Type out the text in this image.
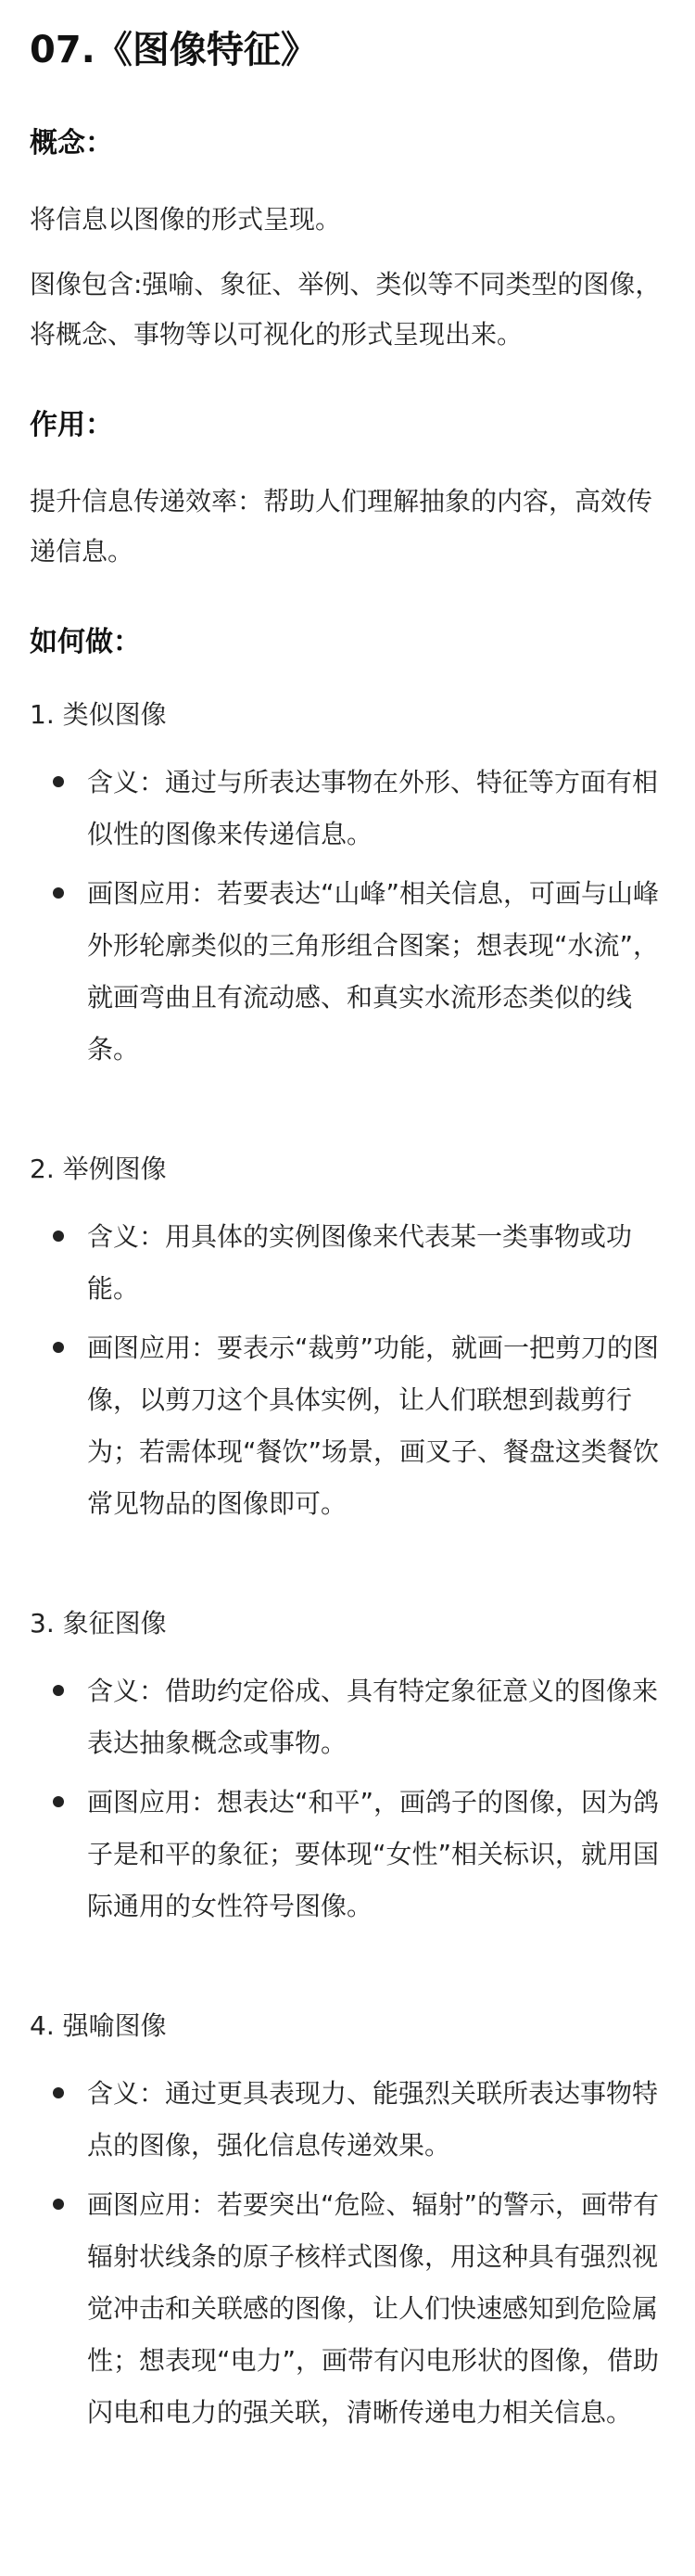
07.《图像特征》
概念：

将信息以图像的形式呈现。

图像包含:强喻、象征、举例、类似等不同类型的图像，将概念、事物等以可视化的形式呈现出来。

作用：

提升信息传递效率：帮助人们理解抽象的内容，高效传递信息。

如何做：
1. 类似图像
含义：通过与所表达事物在外形、特征等方面有相似性的图像来传递信息。
画图应用：若要表达“山峰”相关信息，可画与山峰外形轮廓类似的三角形组合图案；想表现“水流”，就画弯曲且有流动感、和真实水流形态类似的线条。
2. 举例图像
含义：用具体的实例图像来代表某一类事物或功能。
画图应用：要表示“裁剪”功能，就画一把剪刀的图像，以剪刀这个具体实例，让人们联想到裁剪行为；若需体现“餐饮”场景，画叉子、餐盘这类餐饮常见物品的图像即可。
3. 象征图像
含义：借助约定俗成、具有特定象征意义的图像来表达抽象概念或事物。
画图应用：想表达“和平”，画鸽子的图像，因为鸽子是和平的象征；要体现“女性”相关标识，就用国际通用的女性符号图像。
4. 强喻图像
含义：通过更具表现力、能强烈关联所表达事物特点的图像，强化信息传递效果。
画图应用：若要突出“危险、辐射”的警示，画带有辐射状线条的原子核样式图像，用这种具有强烈视觉冲击和关联感的图像，让人们快速感知到危险属性；想表现“电力”，画带有闪电形状的图像，借助闪电和电力的强关联，清晰传递电力相关信息。
